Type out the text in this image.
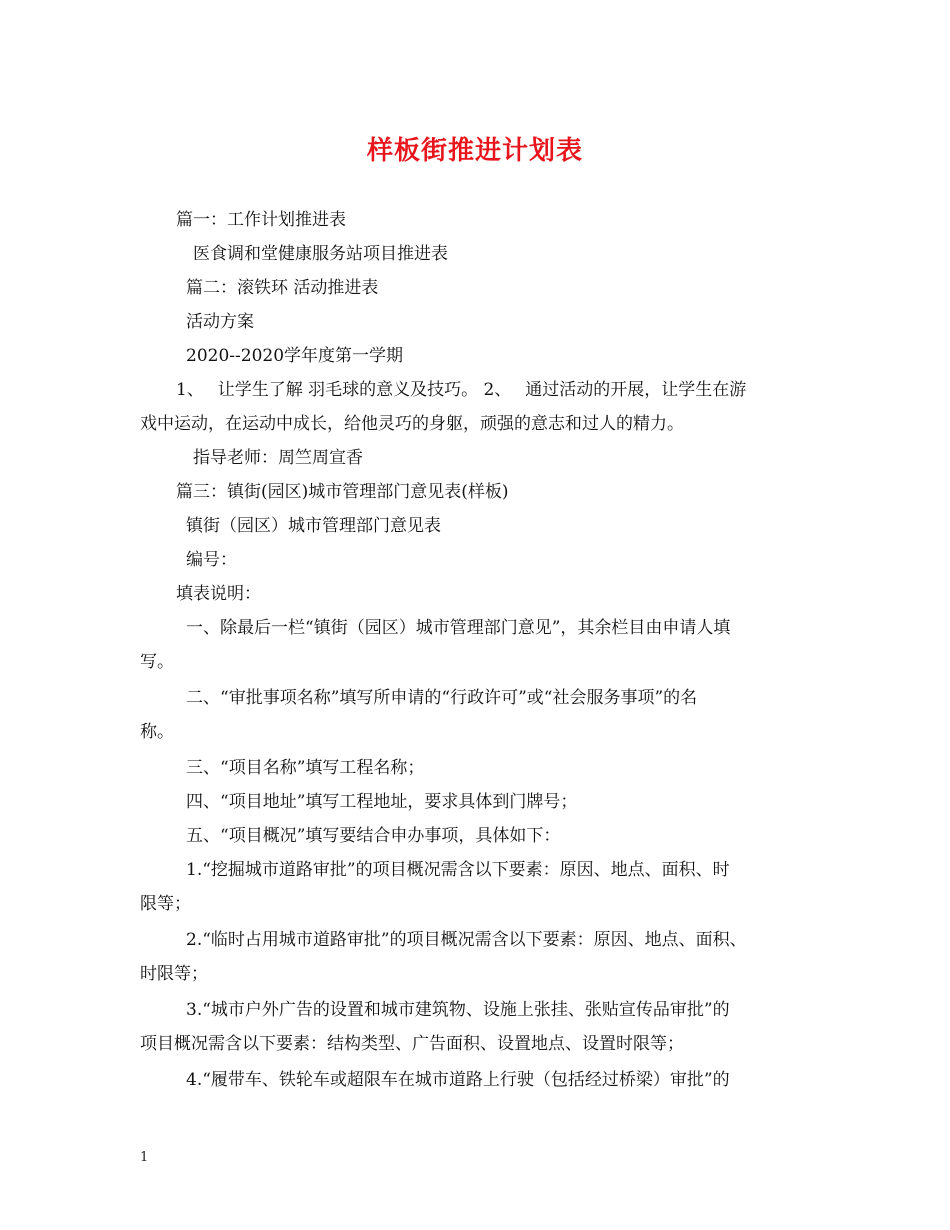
样板街推进计划表
篇一：工作计划推进表
医食调和堂健康服务站项目推进表
篇二：滚铁环 活动推进表
活动方案
2020--2020学年度第一学期
1、　 让学生了解 羽毛球的意义及技巧。 2、　 通过活动的开展，让学生在游
戏中运动，在运动中成长，给他灵巧的身躯，顽强的意志和过人的精力。
指导老师：周竺周宣香
篇三：镇街(园区)城市管理部门意见表(样板)
镇街（园区）城市管理部门意见表
编号：
填表说明：
一、除最后一栏“镇街（园区）城市管理部门意见”，其余栏目由申请人填
写。
二、“审批事项名称”填写所申请的“行政许可”或“社会服务事项”的名
称。
三、“项目名称”填写工程名称；
四、“项目地址”填写工程地址，要求具体到门牌号；
五、“项目概况”填写要结合申办事项，具体如下：
1.“挖掘城市道路审批”的项目概况需含以下要素：原因、地点、面积、时
限等；
2.“临时占用城市道路审批”的项目概况需含以下要素：原因、地点、面积、
时限等；
3.“城市户外广告的设置和城市建筑物、设施上张挂、张贴宣传品审批”的
项目概况需含以下要素：结构类型、广告面积、设置地点、设置时限等；
4.“履带车、铁轮车或超限车在城市道路上行驶（包括经过桥梁）审批”的
1
